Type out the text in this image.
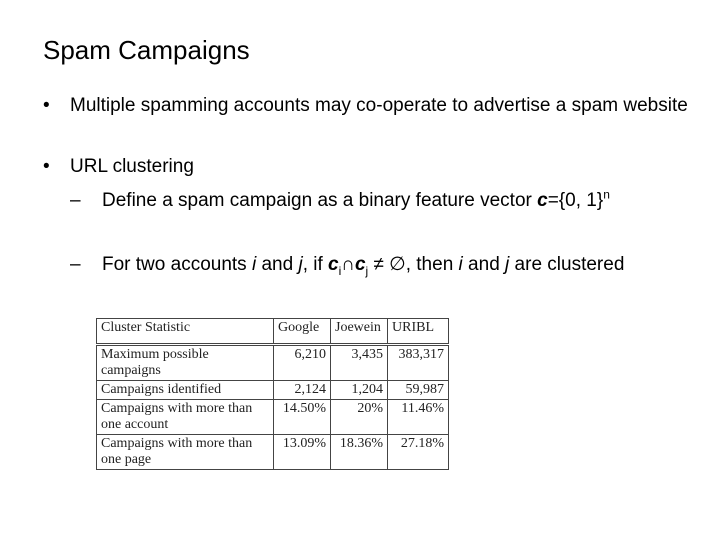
Spam Campaigns
• Multiple spamming accounts may co-operate to advertise a spam website
• URL clustering
– Define a spam campaign as a binary feature vector c={0, 1}$^n$
– For two accounts i and j, if $c_i\cap c_j$ ≠ ∅, then i and j are clustered
Cluster Statistic	Google	Joewein	URIBL
Maximum possible campaigns	6,210	3,435	383,317
Campaigns identified	2,124	1,204	59,987
Campaigns with more than one account	14.50%	20%	11.46%
Campaigns with more than one page	13.09%	18.36%	27.18%
